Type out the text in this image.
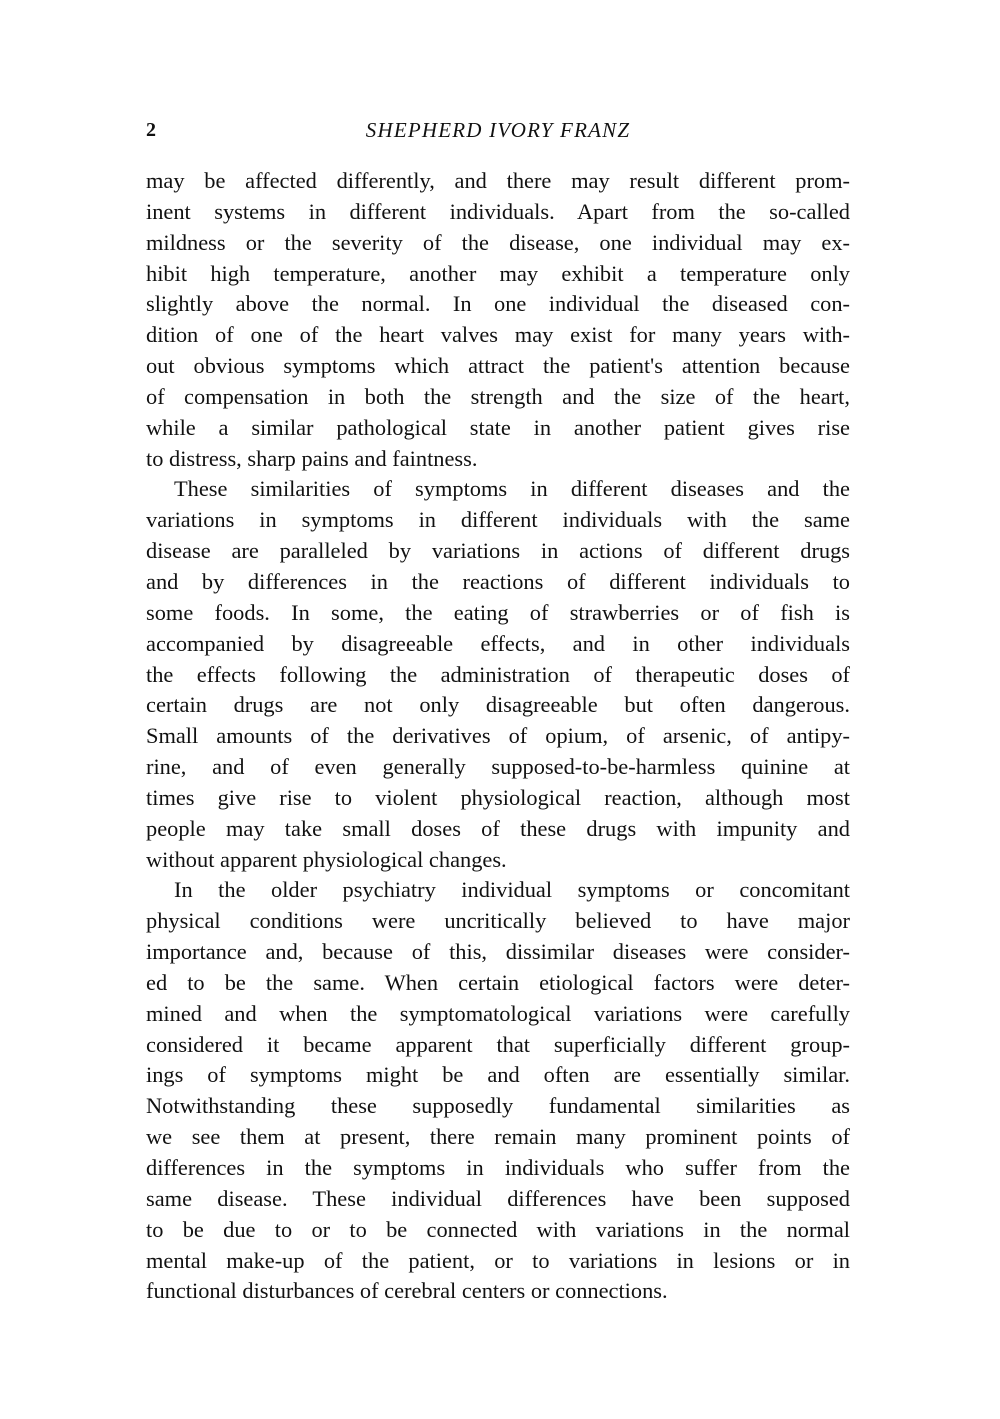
2	SHEPHERD IVORY FRANZ
may be affected differently, and there may result different prom-
inent systems in different individuals. Apart from the so-called
mildness or the severity of the disease, one individual may ex-
hibit high temperature, another may exhibit a temperature only
slightly above the normal. In one individual the diseased con-
dition of one of the heart valves may exist for many years with-
out obvious symptoms which attract the patient's attention because
of compensation in both the strength and the size of the heart,
while a similar pathological state in another patient gives rise
to distress, sharp pains and faintness.
These similarities of symptoms in different diseases and the
variations in symptoms in different individuals with the same
disease are paralleled by variations in actions of different drugs
and by differences in the reactions of different individuals to
some foods. In some, the eating of strawberries or of fish is
accompanied by disagreeable effects, and in other individuals
the effects following the administration of therapeutic doses of
certain drugs are not only disagreeable but often dangerous.
Small amounts of the derivatives of opium, of arsenic, of antipy-
rine, and of even generally supposed-to-be-harmless quinine at
times give rise to violent physiological reaction, although most
people may take small doses of these drugs with impunity and
without apparent physiological changes.
In the older psychiatry individual symptoms or concomitant
physical conditions were uncritically believed to have major
importance and, because of this, dissimilar diseases were consider-
ed to be the same. When certain etiological factors were deter-
mined and when the symptomatological variations were carefully
considered it became apparent that superficially different group-
ings of symptoms might be and often are essentially similar.
Notwithstanding these supposedly fundamental similarities as
we see them at present, there remain many prominent points of
differences in the symptoms in individuals who suffer from the
same disease. These individual differences have been supposed
to be due to or to be connected with variations in the normal
mental make-up of the patient, or to variations in lesions or in
functional disturbances of cerebral centers or connections.
